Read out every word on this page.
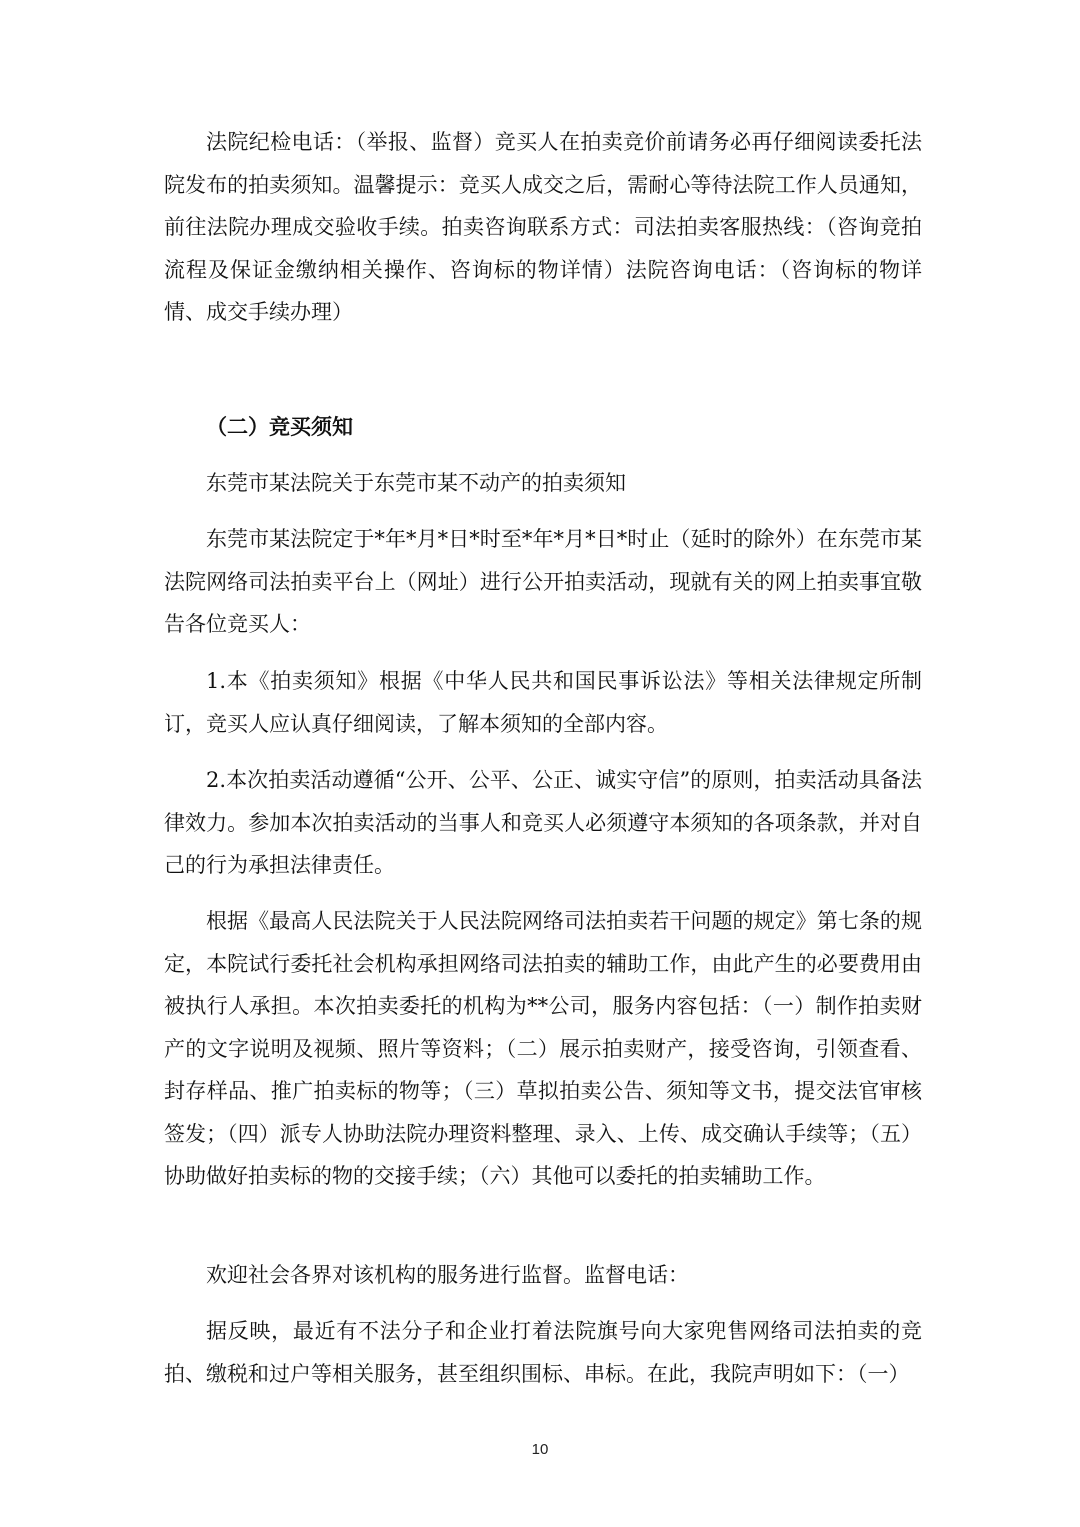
法院纪检电话：（举报、监督）竞买人在拍卖竞价前请务必再仔细阅读委托法院发布的拍卖须知。温馨提示：竞买人成交之后，需耐心等待法院工作人员通知，前往法院办理成交验收手续。拍卖咨询联系方式：司法拍卖客服热线：（咨询竞拍流程及保证金缴纳相关操作、咨询标的物详情）法院咨询电话：（咨询标的物详情、成交手续办理）

（二）竞买须知

东莞市某法院关于东莞市某不动产的拍卖须知

东莞市某法院定于*年*月*日*时至*年*月*日*时止（延时的除外）在东莞市某法院网络司法拍卖平台上（网址）进行公开拍卖活动，现就有关的网上拍卖事宜敬告各位竞买人：

1.本《拍卖须知》根据《中华人民共和国民事诉讼法》等相关法律规定所制订，竞买人应认真仔细阅读，了解本须知的全部内容。

2.本次拍卖活动遵循“公开、公平、公正、诚实守信”的原则，拍卖活动具备法律效力。参加本次拍卖活动的当事人和竞买人必须遵守本须知的各项条款，并对自己的行为承担法律责任。

根据《最高人民法院关于人民法院网络司法拍卖若干问题的规定》第七条的规定，本院试行委托社会机构承担网络司法拍卖的辅助工作，由此产生的必要费用由被执行人承担。本次拍卖委托的机构为**公司，服务内容包括：（一）制作拍卖财产的文字说明及视频、照片等资料；（二）展示拍卖财产，接受咨询，引领查看、封存样品、推广拍卖标的物等；（三）草拟拍卖公告、须知等文书，提交法官审核签发；（四）派专人协助法院办理资料整理、录入、上传、成交确认手续等；（五）协助做好拍卖标的物的交接手续；（六）其他可以委托的拍卖辅助工作。

欢迎社会各界对该机构的服务进行监督。监督电话：

据反映，最近有不法分子和企业打着法院旗号向大家兜售网络司法拍卖的竞拍、缴税和过户等相关服务，甚至组织围标、串标。在此，我院声明如下：（一）

10
